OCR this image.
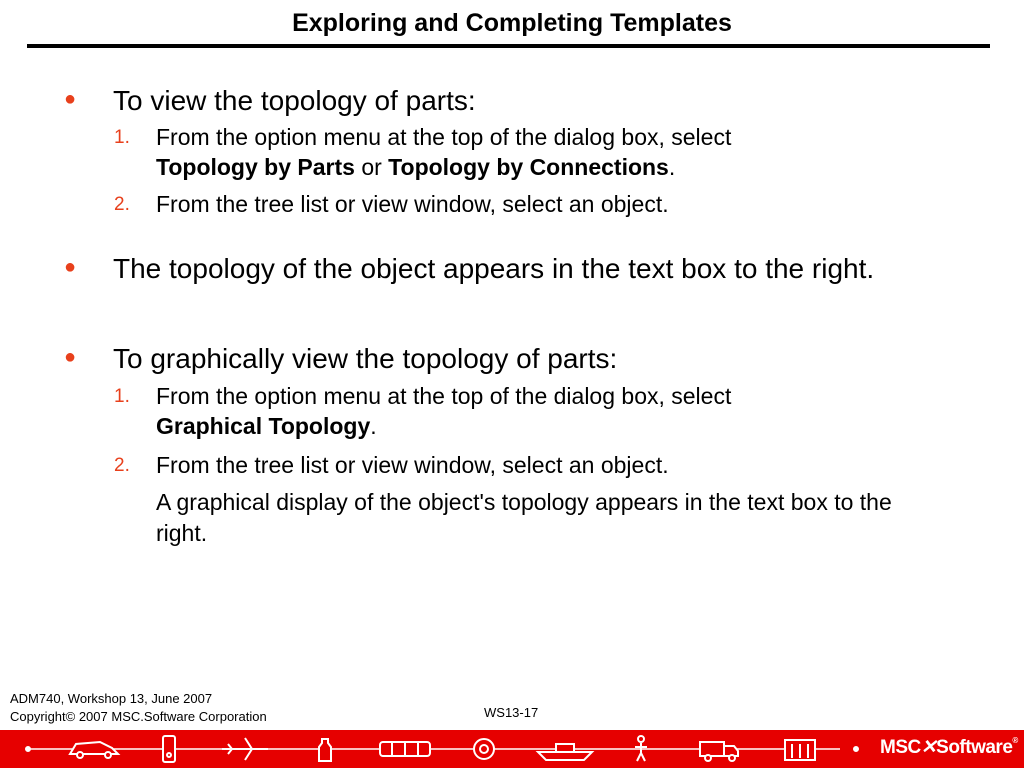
Exploring and Completing Templates
● To view the topology of parts:
1. From the option menu at the top of the dialog box, select
Topology by Parts or Topology by Connections.
2. From the tree list or view window, select an object.
● The topology of the object appears in the text box to the right.
● To graphically view the topology of parts:
1. From the option menu at the top of the dialog box, select
Graphical Topology.
2. From the tree list or view window, select an object.
A graphical display of the object's topology appears in the text box to the right.
ADM740, Workshop 13, June 2007
Copyright© 2007 MSC.Software Corporation	WS13-17
MSC✕Software®
